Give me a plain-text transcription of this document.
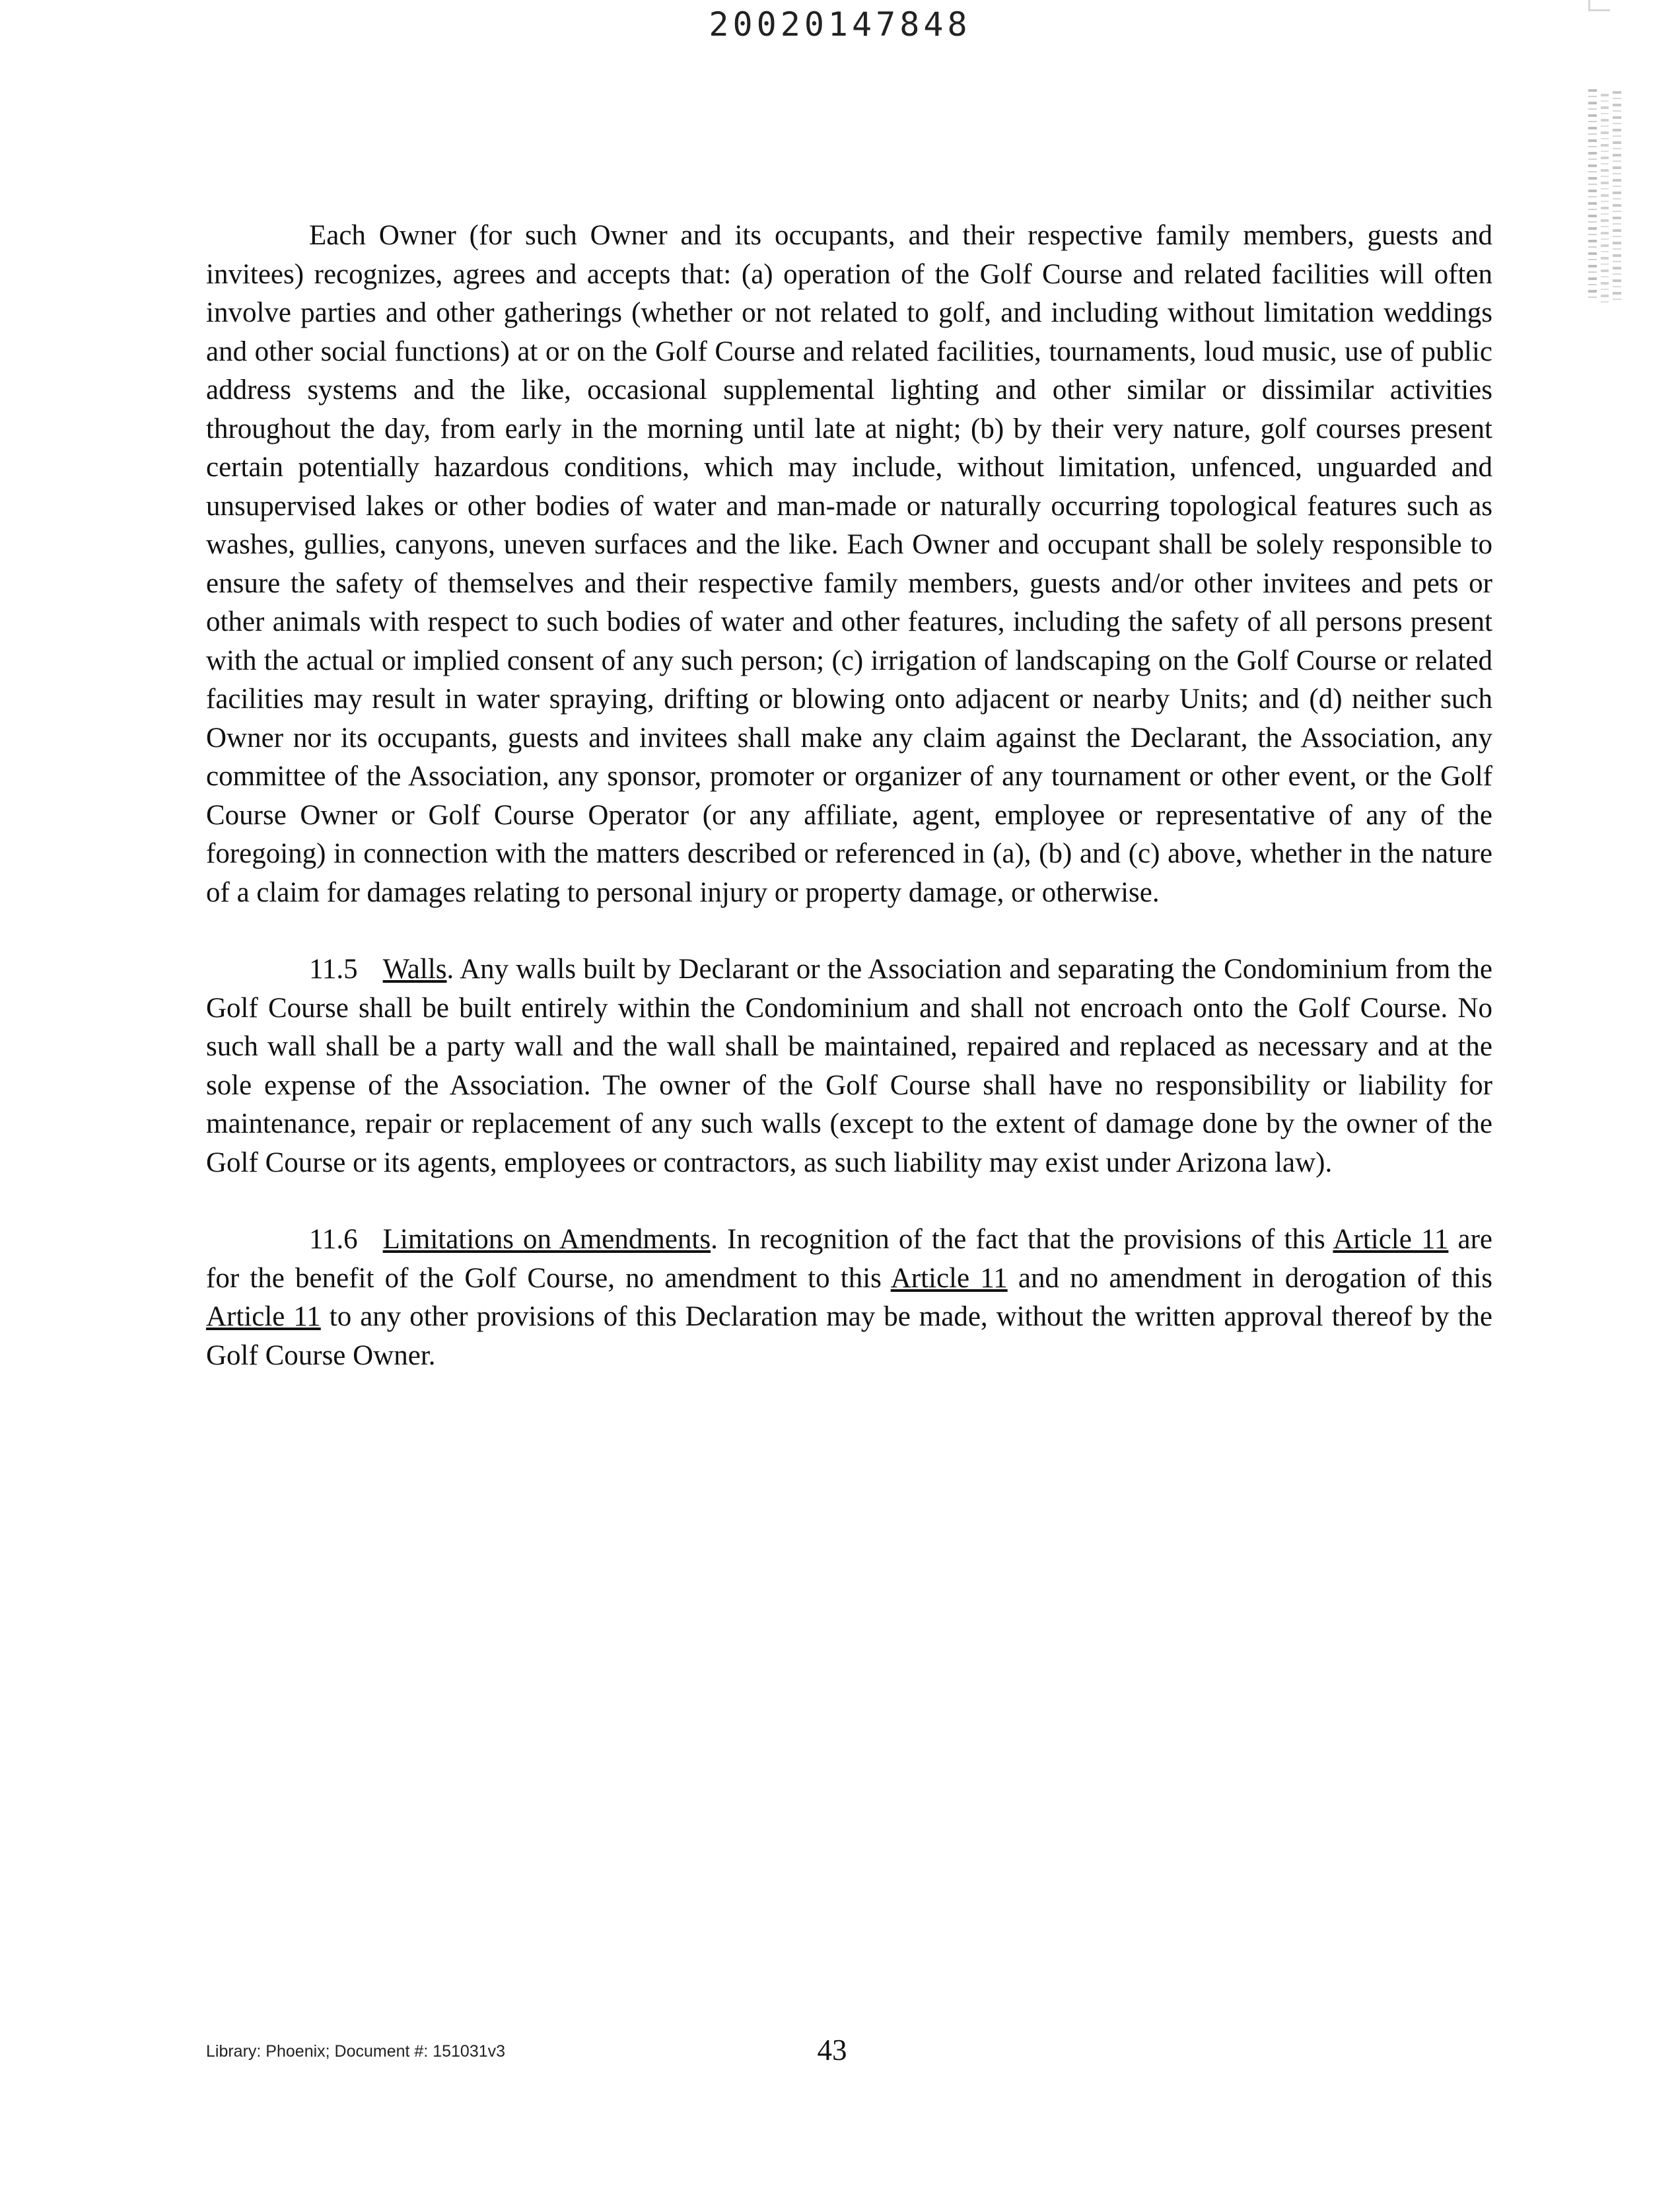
20020147848

Each Owner (for such Owner and its occupants, and their respective family members, guests and invitees) recognizes, agrees and accepts that: (a) operation of the Golf Course and related facilities will often involve parties and other gatherings (whether or not related to golf, and including without limitation weddings and other social functions) at or on the Golf Course and related facilities, tournaments, loud music, use of public address systems and the like, occasional supplemental lighting and other similar or dissimilar activities throughout the day, from early in the morning until late at night; (b) by their very nature, golf courses present certain potentially hazardous conditions, which may include, without limitation, unfenced, unguarded and unsupervised lakes or other bodies of water and man-made or naturally occurring topological features such as washes, gullies, canyons, uneven surfaces and the like. Each Owner and occupant shall be solely responsible to ensure the safety of themselves and their respective family members, guests and/or other invitees and pets or other animals with respect to such bodies of water and other features, including the safety of all persons present with the actual or implied consent of any such person; (c) irrigation of landscaping on the Golf Course or related facilities may result in water spraying, drifting or blowing onto adjacent or nearby Units; and (d) neither such Owner nor its occupants, guests and invitees shall make any claim against the Declarant, the Association, any committee of the Association, any sponsor, promoter or organizer of any tournament or other event, or the Golf Course Owner or Golf Course Operator (or any affiliate, agent, employee or representative of any of the foregoing) in connection with the matters described or referenced in (a), (b) and (c) above, whether in the nature of a claim for damages relating to personal injury or property damage, or otherwise.

11.5 Walls. Any walls built by Declarant or the Association and separating the Condominium from the Golf Course shall be built entirely within the Condominium and shall not encroach onto the Golf Course. No such wall shall be a party wall and the wall shall be maintained, repaired and replaced as necessary and at the sole expense of the Association. The owner of the Golf Course shall have no responsibility or liability for maintenance, repair or replacement of any such walls (except to the extent of damage done by the owner of the Golf Course or its agents, employees or contractors, as such liability may exist under Arizona law).

11.6 Limitations on Amendments. In recognition of the fact that the provisions of this Article 11 are for the benefit of the Golf Course, no amendment to this Article 11 and no amendment in derogation of this Article 11 to any other provisions of this Declaration may be made, without the written approval thereof by the Golf Course Owner.

Library: Phoenix; Document #: 151031v3	43
